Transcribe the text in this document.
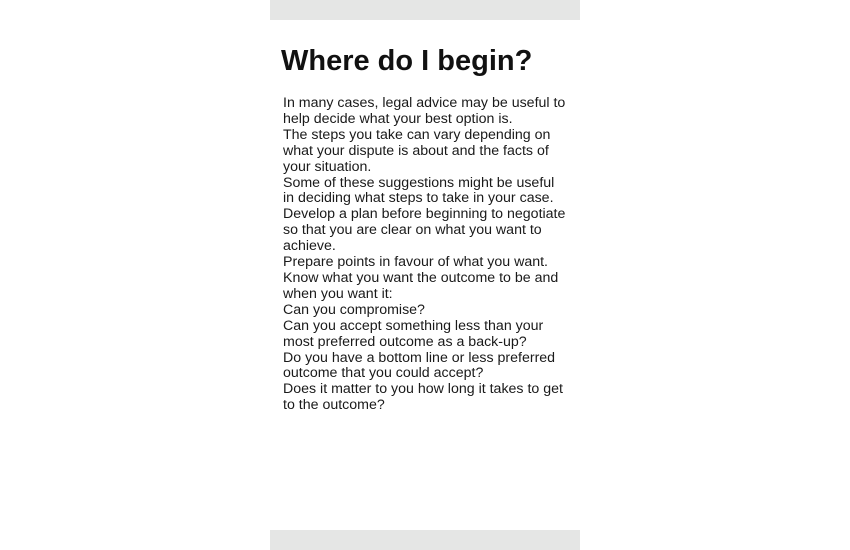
Where do I begin?
In many cases, legal advice may be useful to help decide what your best option is.
The steps you take can vary depending on what your dispute is about and the facts of your situation.
Some of these suggestions might be useful in deciding what steps to take in your case.
Develop a plan before beginning to negotiate so that you are clear on what you want to achieve.
Prepare points in favour of what you want.
Know what you want the outcome to be and when you want it:
Can you compromise?
Can you accept something less than your most preferred outcome as a back-up?
Do you have a bottom line or less preferred outcome that you could accept?
Does it matter to you how long it takes to get to the outcome?
